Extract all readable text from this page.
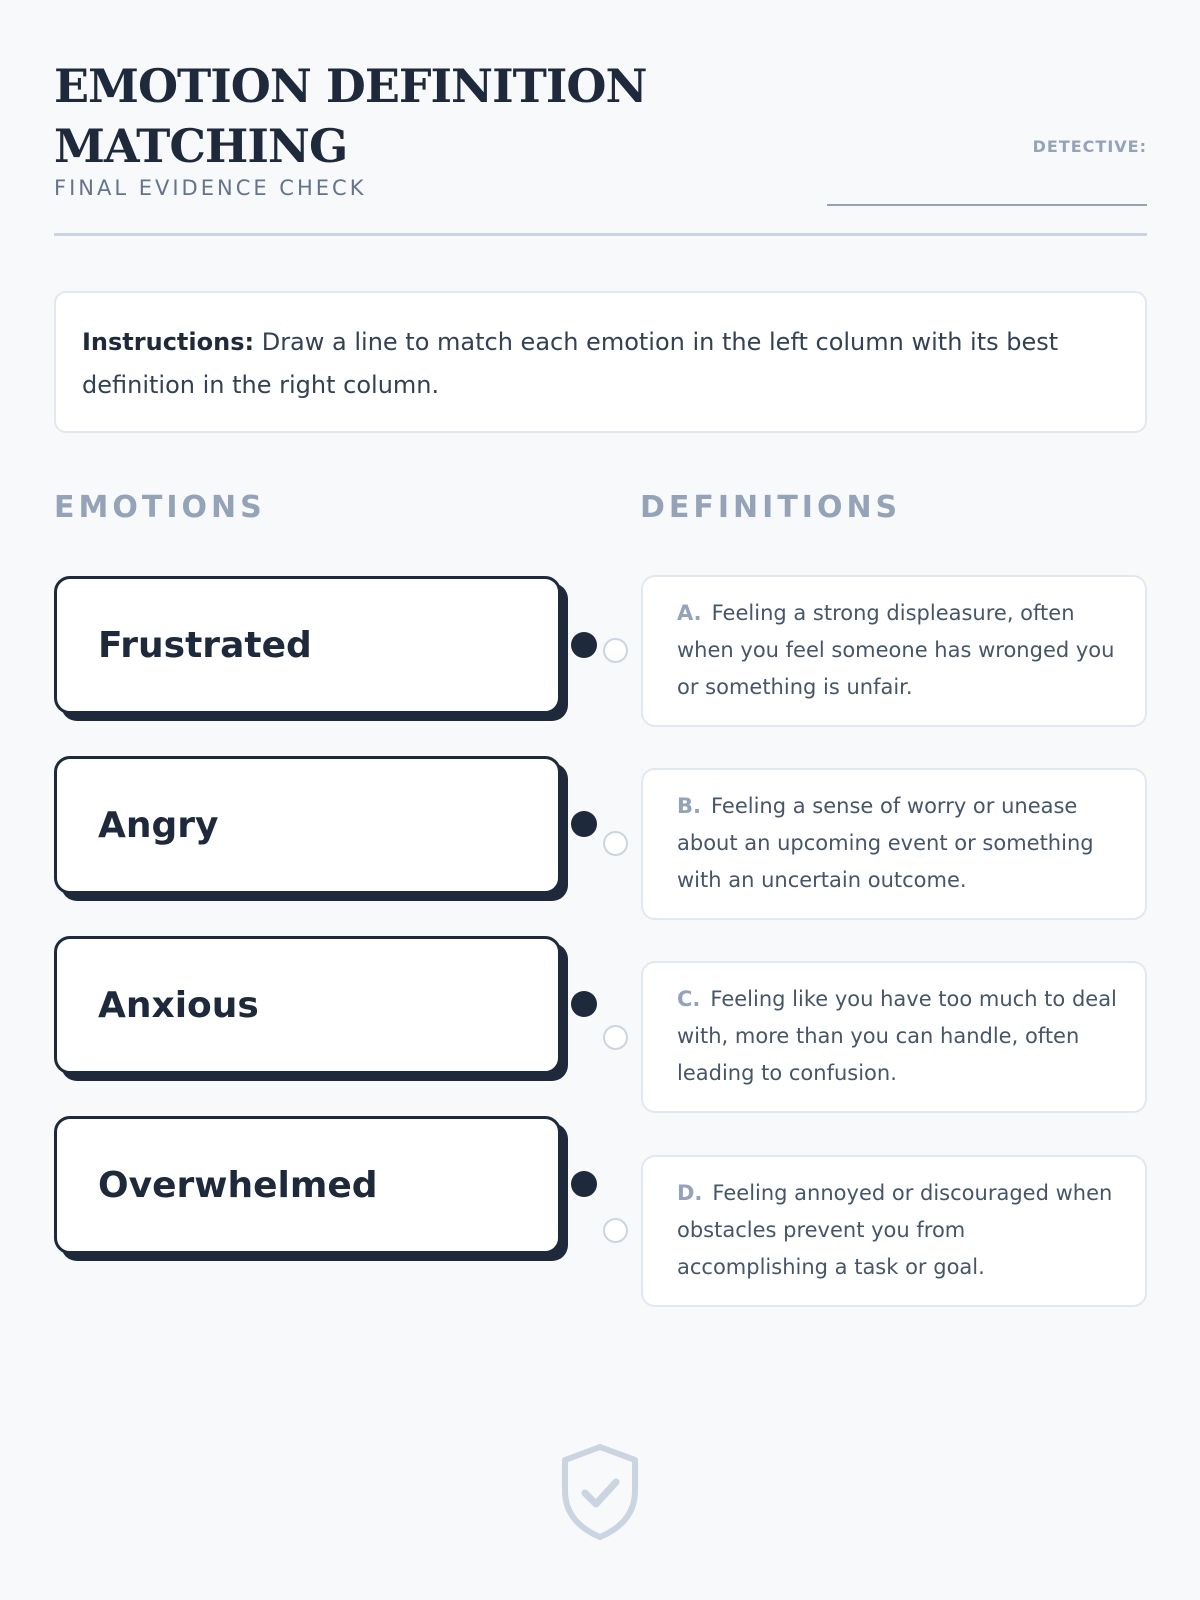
EMOTION DEFINITION MATCHING
FINAL EVIDENCE CHECK
DETECTIVE:
Instructions: Draw a line to match each emotion in the left column with its best definition in the right column.
EMOTIONS	DEFINITIONS
Frustrated
Angry
Anxious
Overwhelmed
A. Feeling a strong displeasure, often when you feel someone has wronged you or something is unfair.
B. Feeling a sense of worry or unease about an upcoming event or something with an uncertain outcome.
C. Feeling like you have too much to deal with, more than you can handle, often leading to confusion.
D. Feeling annoyed or discouraged when obstacles prevent you from accomplishing a task or goal.
